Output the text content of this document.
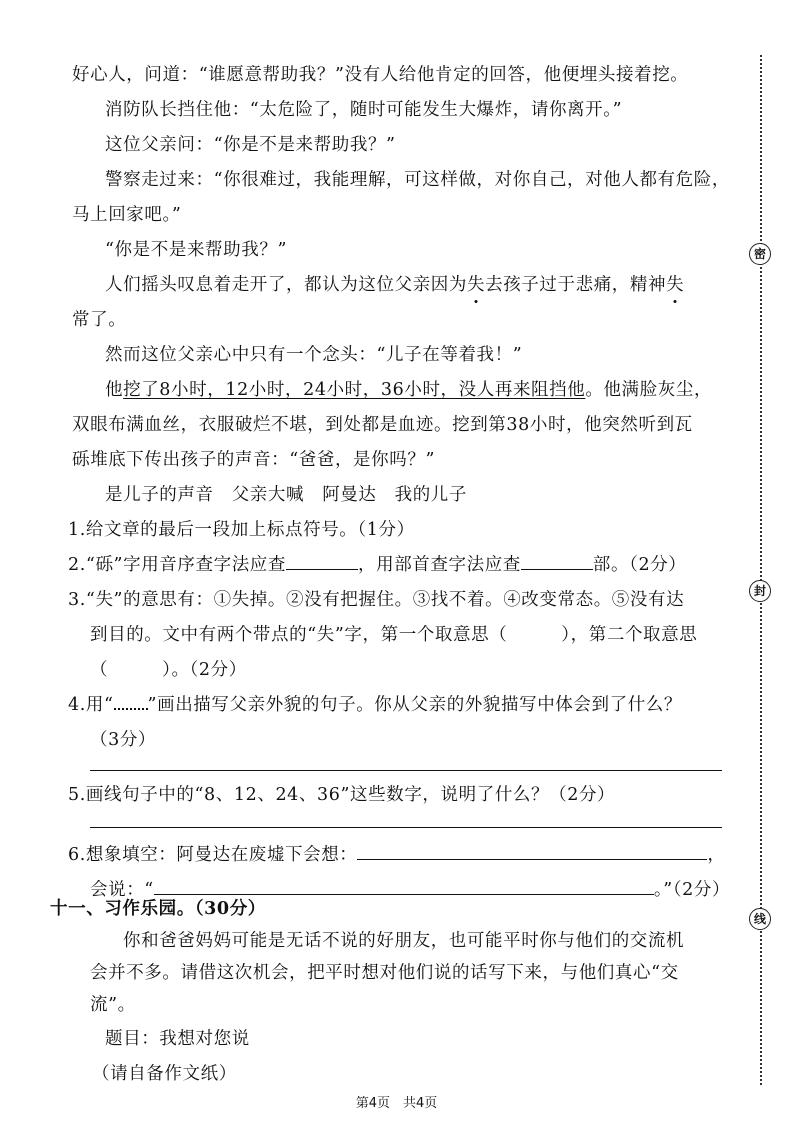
密
封
线
好心人，问道：“谁愿意帮助我？”没有人给他肯定的回答，他便埋头接着挖。
消防队长挡住他：“太危险了，随时可能发生大爆炸，请你离开。”
这位父亲问：“你是不是来帮助我？”
警察走过来：“你很难过，我能理解，可这样做，对你自己，对他人都有危险，
马上回家吧。”
“你是不是来帮助我？”
人们摇头叹息着走开了，都认为这位父亲因为失去孩子过于悲痛，精神失
常了。
然而这位父亲心中只有一个念头：“儿子在等着我！”
他挖了8小时，12小时，24小时，36小时，没人再来阻挡他。他满脸灰尘，
双眼布满血丝，衣服破烂不堪，到处都是血迹。挖到第38小时，他突然听到瓦
砾堆底下传出孩子的声音：“爸爸，是你吗？”
是儿子的声音　父亲大喊　阿曼达　我的儿子
1.给文章的最后一段加上标点符号。（1分）
2.“砾”字用音序查字法应查	，用部首查字法应查	部。（2分）
3.“失”的意思有：①失掉。②没有把握住。③找不着。④改变常态。⑤没有达
到目的。文中有两个带点的“失”字，第一个取意思（	），第二个取意思
（	）。（2分）
4.用“ ”画出描写父亲外貌的句子。你从父亲的外貌描写中体会到了什么？
（3分）
5.画线句子中的“8、12、24、36”这些数字，说明了什么？（2分）
6.想象填空：阿曼达在废墟下会想：	，
会说：“	。”（2分）
十一、习作乐园。（30分）
你和爸爸妈妈可能是无话不说的好朋友，也可能平时你与他们的交流机
会并不多。请借这次机会，把平时想对他们说的话写下来，与他们真心“交
流”。
题目：我想对您说
第4页　共4页
（请自备作文纸）
